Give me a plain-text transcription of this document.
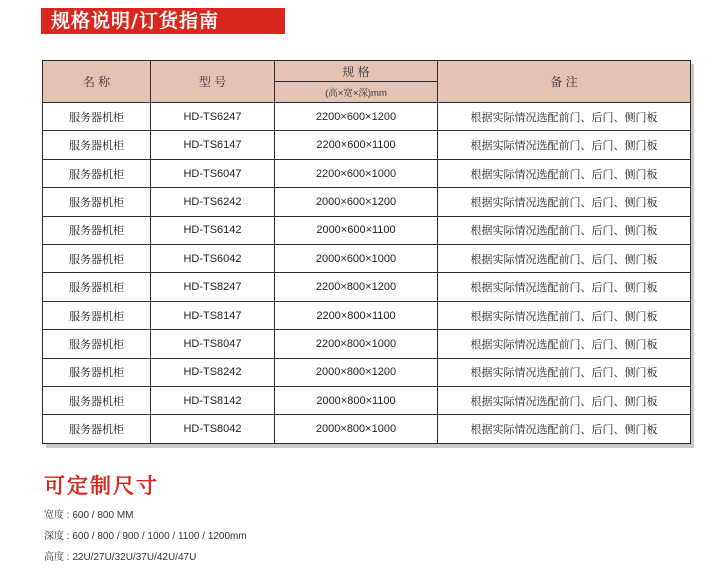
规格说明/订货指南
名 称	型 号	规 格	备 注
		(高×宽×深)mm	
服务器机柜	HD-TS6247	2200×600×1200	根据实际情况选配前门、后门、侧门板
服务器机柜	HD-TS6147	2200×600×1100	根据实际情况选配前门、后门、侧门板
服务器机柜	HD-TS6047	2200×600×1000	根据实际情况选配前门、后门、侧门板
服务器机柜	HD-TS6242	2000×600×1200	根据实际情况选配前门、后门、侧门板
服务器机柜	HD-TS6142	2000×600×1100	根据实际情况选配前门、后门、侧门板
服务器机柜	HD-TS6042	2000×600×1000	根据实际情况选配前门、后门、侧门板
服务器机柜	HD-TS8247	2200×800×1200	根据实际情况选配前门、后门、侧门板
服务器机柜	HD-TS8147	2200×800×1100	根据实际情况选配前门、后门、侧门板
服务器机柜	HD-TS8047	2200×800×1000	根据实际情况选配前门、后门、侧门板
服务器机柜	HD-TS8242	2000×800×1200	根据实际情况选配前门、后门、侧门板
服务器机柜	HD-TS8142	2000×800×1100	根据实际情况选配前门、后门、侧门板
服务器机柜	HD-TS8042	2000×800×1000	根据实际情况选配前门、后门、侧门板
可定制尺寸
宽度 : 600 / 800 MM
深度 : 600 / 800 / 900 / 1000 / 1100 / 1200mm
高度 : 22U/27U/32U/37U/42U/47U
